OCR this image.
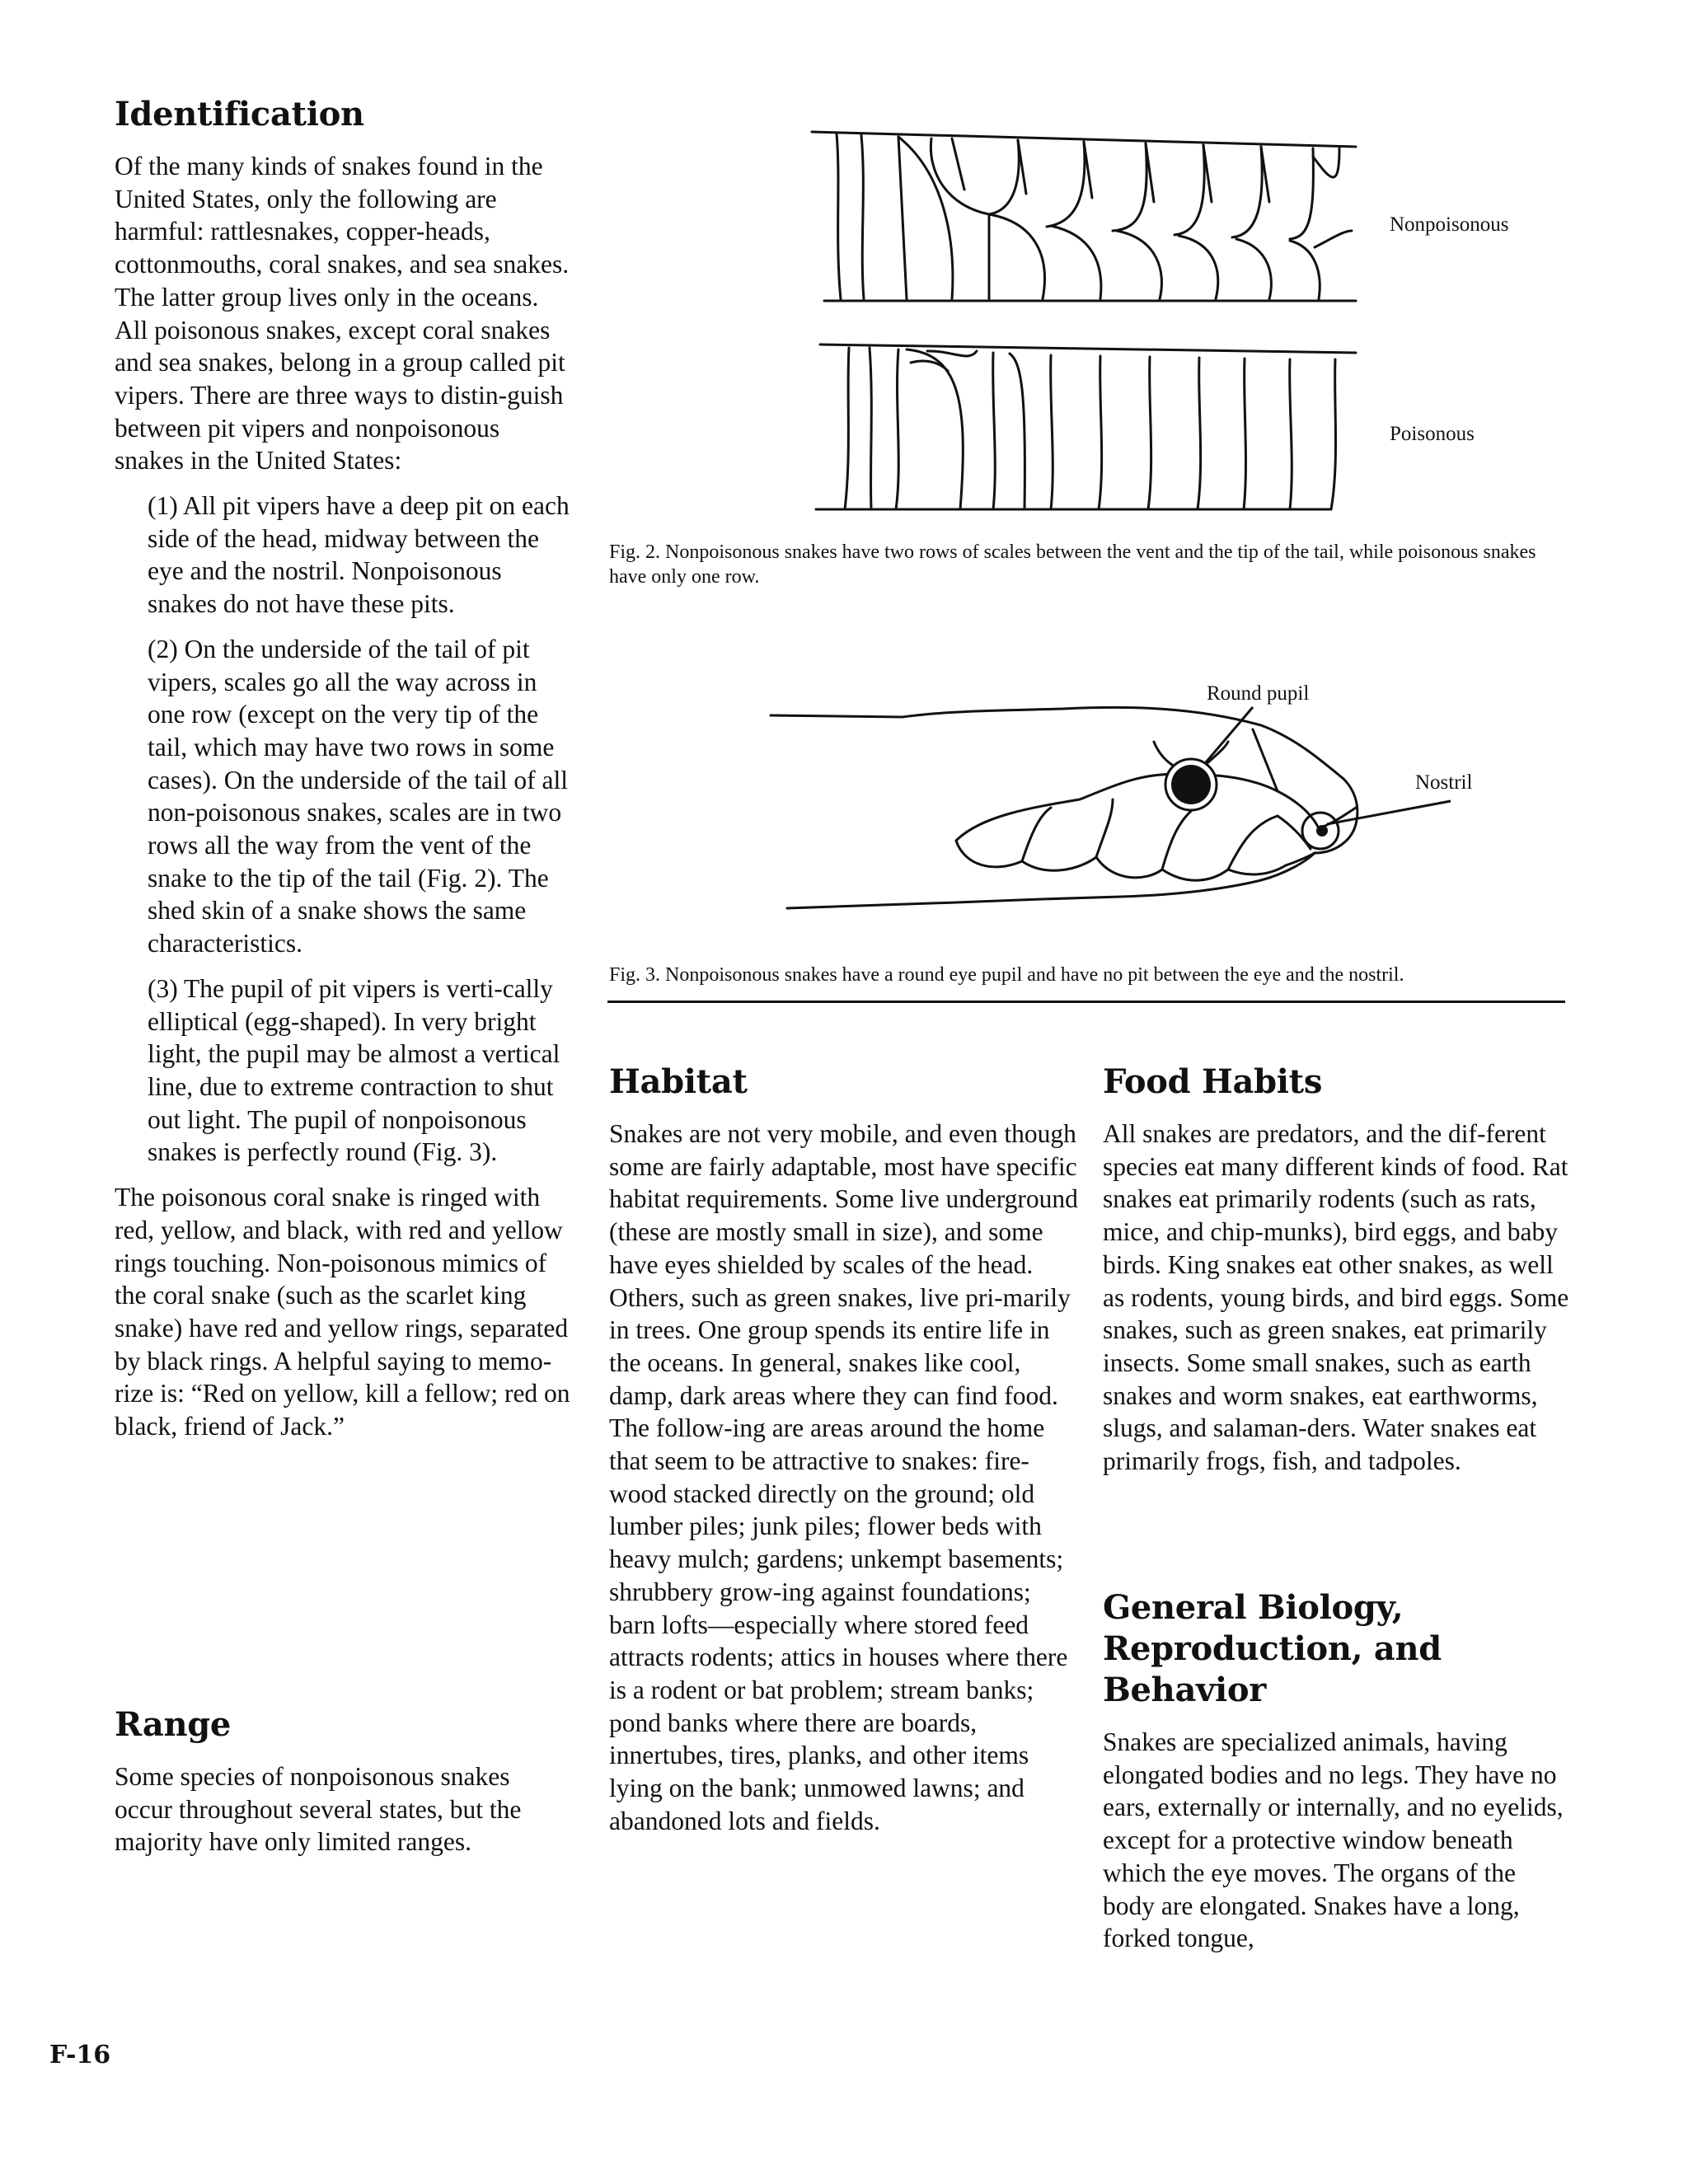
Identification

Of the many kinds of snakes found in the United States, only the following are harmful: rattlesnakes, copper-heads, cottonmouths, coral snakes, and sea snakes. The latter group lives only in the oceans. All poisonous snakes, except coral snakes and sea snakes, belong in a group called pit vipers. There are three ways to distin-guish between pit vipers and nonpoisonous snakes in the United States:

(1) All pit vipers have a deep pit on each side of the head, midway between the eye and the nostril. Nonpoisonous snakes do not have these pits.

(2) On the underside of the tail of pit vipers, scales go all the way across in one row (except on the very tip of the tail, which may have two rows in some cases). On the underside of the tail of all non-poisonous snakes, scales are in two rows all the way from the vent of the snake to the tip of the tail (Fig. 2). The shed skin of a snake shows the same characteristics.

(3) The pupil of pit vipers is verti-cally elliptical (egg-shaped). In very bright light, the pupil may be almost a vertical line, due to extreme contraction to shut out light. The pupil of nonpoisonous snakes is perfectly round (Fig. 3).

The poisonous coral snake is ringed with red, yellow, and black, with red and yellow rings touching. Non-poisonous mimics of the coral snake (such as the scarlet king snake) have red and yellow rings, separated by black rings. A helpful saying to memo-rize is: “Red on yellow, kill a fellow; red on black, friend of Jack.”

Range

Some species of nonpoisonous snakes occur throughout several states, but the majority have only limited ranges.

Nonpoisonous
Poisonous

Fig. 2. Nonpoisonous snakes have two rows of scales between the vent and the tip of the tail, while poisonous snakes have only one row.

Round pupil
Nostril

Fig. 3. Nonpoisonous snakes have a round eye pupil and have no pit between the eye and the nostril.

Habitat

Snakes are not very mobile, and even though some are fairly adaptable, most have specific habitat requirements. Some live underground (these are mostly small in size), and some have eyes shielded by scales of the head. Others, such as green snakes, live pri-marily in trees. One group spends its entire life in the oceans. In general, snakes like cool, damp, dark areas where they can find food. The follow-ing are areas around the home that seem to be attractive to snakes: fire-wood stacked directly on the ground; old lumber piles; junk piles; flower beds with heavy mulch; gardens; unkempt basements; shrubbery grow-ing against foundations; barn lofts—especially where stored feed attracts rodents; attics in houses where there is a rodent or bat problem; stream banks; pond banks where there are boards, innertubes, tires, planks, and other items lying on the bank; unmowed lawns; and abandoned lots and fields.

Food Habits

All snakes are predators, and the dif-ferent species eat many different kinds of food. Rat snakes eat primarily rodents (such as rats, mice, and chip-munks), bird eggs, and baby birds. King snakes eat other snakes, as well as rodents, young birds, and bird eggs. Some snakes, such as green snakes, eat primarily insects. Some small snakes, such as earth snakes and worm snakes, eat earthworms, slugs, and salaman-ders. Water snakes eat primarily frogs, fish, and tadpoles.

General Biology, Reproduction, and Behavior

Snakes are specialized animals, having elongated bodies and no legs. They have no ears, externally or internally, and no eyelids, except for a protective window beneath which the eye moves. The organs of the body are elongated. Snakes have a long, forked tongue,

F-16
